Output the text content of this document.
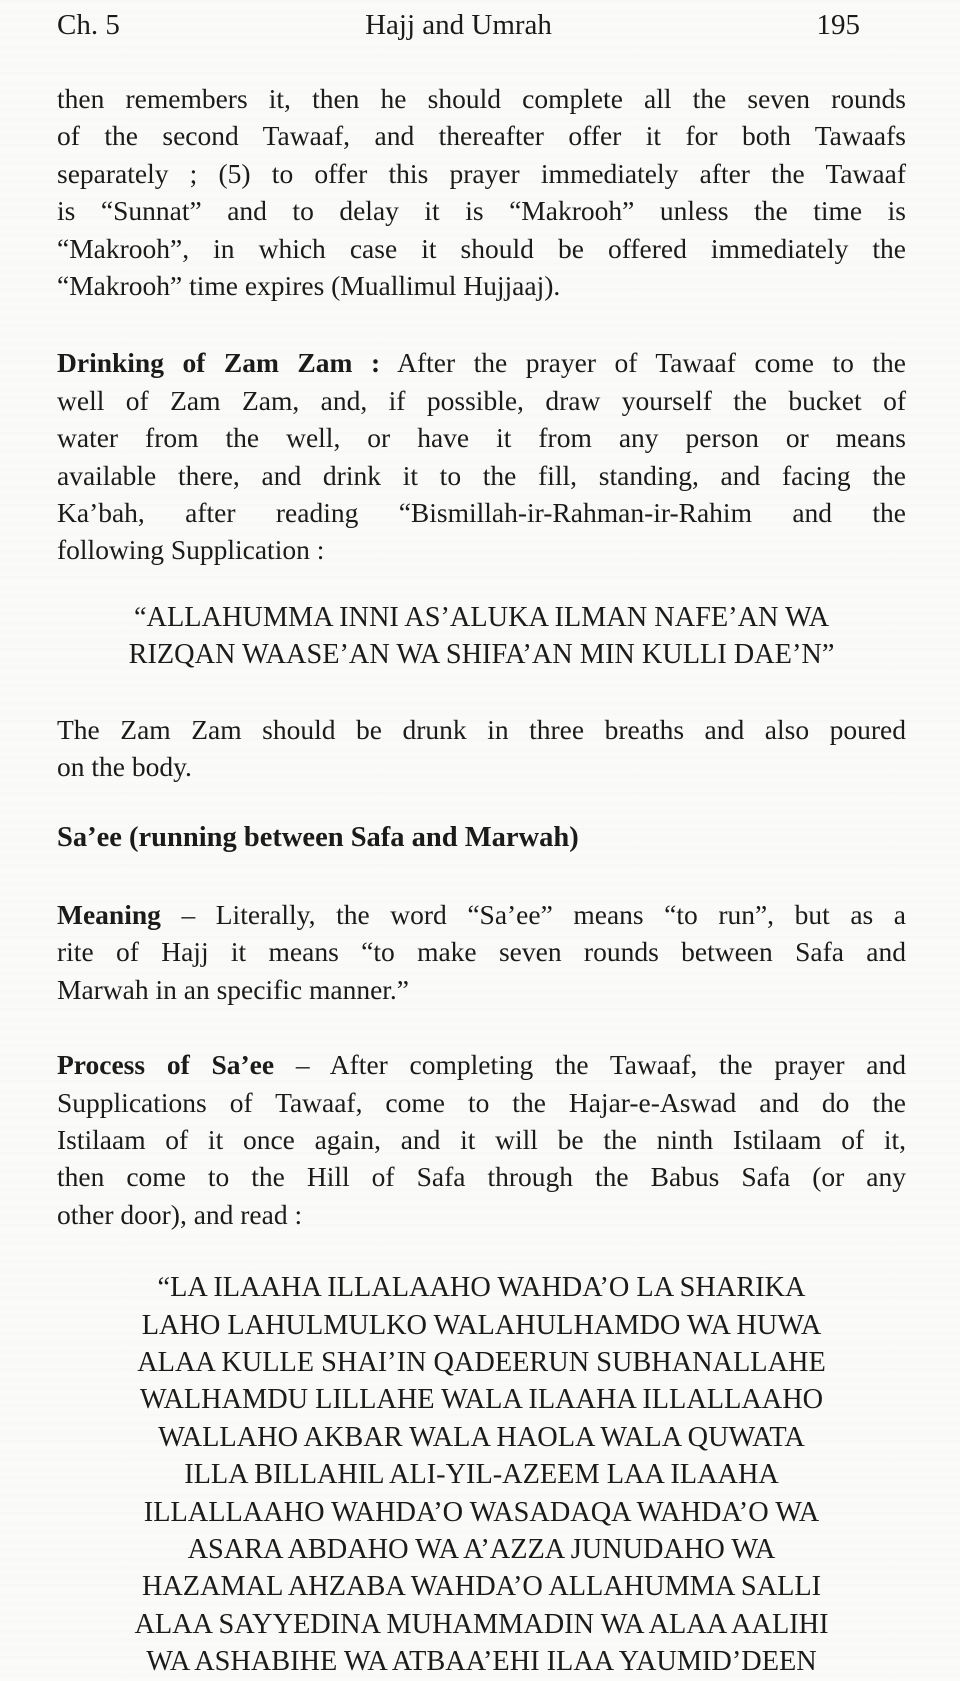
Ch. 5	Hajj and Umrah	195
then remembers it, then he should complete all the seven rounds
of the second Tawaaf, and thereafter offer it for both Tawaafs
separately ; (5) to offer this prayer immediately after the Tawaaf
is “Sunnat” and to delay it is “Makrooh” unless the time is
“Makrooh”, in which case it should be offered immediately the
“Makrooh” time expires (Muallimul Hujjaaj).
Drinking of Zam Zam : After the prayer of Tawaaf come to the
well of Zam Zam, and, if possible, draw yourself the bucket of
water from the well, or have it from any person or means
available there, and drink it to the fill, standing, and facing the
Ka’bah, after reading “Bismillah-ir-Rahman-ir-Rahim and the
following Supplication :
“ALLAHUMMA INNI AS’ALUKA ILMAN NAFE’AN WA
RIZQAN WAASE’AN WA SHIFA’AN MIN KULLI DAE’N”
The Zam Zam should be drunk in three breaths and also poured
on the body.
Sa’ee (running between Safa and Marwah)
Meaning – Literally, the word “Sa’ee” means “to run”, but as a
rite of Hajj it means “to make seven rounds between Safa and
Marwah in an specific manner.”
Process of Sa’ee – After completing the Tawaaf, the prayer and
Supplications of Tawaaf, come to the Hajar-e-Aswad and do the
Istilaam of it once again, and it will be the ninth Istilaam of it,
then come to the Hill of Safa through the Babus Safa (or any
other door), and read :
“LA ILAAHA ILLALAAHO WAHDA’O LA SHARIKA
LAHO LAHULMULKO WALAHULHAMDO WA HUWA
ALAA KULLE SHAI’IN QADEERUN SUBHANALLAHE
WALHAMDU LILLAHE WALA ILAAHA ILLALLAAHO
WALLAHO AKBAR WALA HAOLA WALA QUWATA
ILLA BILLAHIL ALI-YIL-AZEEM LAA ILAAHA
ILLALLAAHO WAHDA’O WASADAQA WAHDA’O WA
ASARA ABDAHO WA A’AZZA JUNUDAHO WA
HAZAMAL AHZABA WAHDA’O ALLAHUMMA SALLI
ALAA SAYYEDINA MUHAMMADIN WA ALAA AALIHI
WA ASHABIHE WA ATBAA’EHI ILAA YAUMID’DEEN
